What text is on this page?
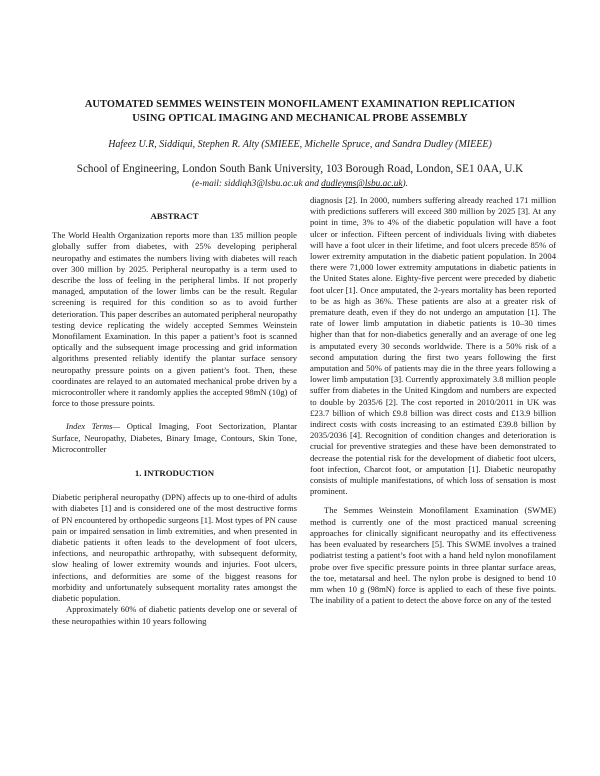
AUTOMATED SEMMES WEINSTEIN MONOFILAMENT EXAMINATION REPLICATION
USING OPTICAL IMAGING AND MECHANICAL PROBE ASSEMBLY
Hafeez U.R, Siddiqui, Stephen R. Alty (SMIEEE, Michelle Spruce, and Sandra Dudley (MIEEE)
School of Engineering, London South Bank University, 103 Borough Road, London, SE1 0AA, U.K
(e-mail: siddiqh3@lsbu.ac.uk and dudleyms@lsbu.ac.uk).

ABSTRACT

The World Health Organization reports more than 135 million people globally suffer from diabetes, with 25% developing peripheral neuropathy and estimates the numbers living with diabetes will reach over 300 million by 2025. Peripheral neuropathy is a term used to describe the loss of feeling in the peripheral limbs. If not properly managed, amputation of the lower limbs can be the result. Regular screening is required for this condition so as to avoid further deterioration. This paper describes an automated peripheral neuropathy testing device replicating the widely accepted Semmes Weinstein Monofilament Examination. In this paper a patient’s foot is scanned optically and the subsequent image processing and grid information algorithms presented reliably identify the plantar surface sensory neuropathy pressure points on a given patient’s foot. Then, these coordinates are relayed to an automated mechanical probe driven by a microcontroller where it randomly applies the accepted 98mN (10g) of force to those pressure points.

Index Terms— Optical Imaging, Foot Sectorization, Plantar Surface, Neuropathy, Diabetes, Binary Image, Contours, Skin Tone, Microcontroller

1. INTRODUCTION

Diabetic peripheral neuropathy (DPN) affects up to one-third of adults with diabetes [1] and is considered one of the most destructive forms of PN encountered by orthopedic surgeons [1]. Most types of PN cause pain or impaired sensation in limb extremities, and when presented in diabetic patients it often leads to the development of foot ulcers, infections, and neuropathic arthropathy, with subsequent deformity, slow healing of lower extremity wounds and injuries. Foot ulcers, infections, and deformities are some of the biggest reasons for morbidity and unfortunately subsequent mortality rates amongst the diabetic population.

Approximately 60% of diabetic patients develop one or several of these neuropathies within 10 years following

diagnosis [2]. In 2000, numbers suffering already reached 171 million with predictions sufferers will exceed 380 million by 2025 [3]. At any point in time, 3% to 4% of the diabetic population will have a foot ulcer or infection. Fifteen percent of individuals living with diabetes will have a foot ulcer in their lifetime, and foot ulcers precede 85% of lower extremity amputation in the diabetic patient population. In 2004 there were 71,000 lower extremity amputations in diabetic patients in the United States alone. Eighty-five percent were preceded by diabetic foot ulcer [1]. Once amputated, the 2-years mortality has been reported to be as high as 36%. These patients are also at a greater risk of premature death, even if they do not undergo an amputation [1]. The rate of lower limb amputation in diabetic patients is 10–30 times higher than that for non-diabetics generally and an average of one leg is amputated every 30 seconds worldwide. There is a 50% risk of a second amputation during the first two years following the first amputation and 50% of patients may die in the three years following a lower limb amputation [3]. Currently approximately 3.8 million people suffer from diabetes in the United Kingdom and numbers are expected to double by 2035/6 [2]. The cost reported in 2010/2011 in UK was £23.7 billion of which £9.8 billion was direct costs and £13.9 billion indirect costs with costs increasing to an estimated £39.8 billion by 2035/2036 [4]. Recognition of condition changes and deterioration is crucial for preventive strategies and these have been demonstrated to decrease the potential risk for the development of diabetic foot ulcers, foot infection, Charcot foot, or amputation [1]. Diabetic neuropathy consists of multiple manifestations, of which loss of sensation is most prominent.

The Semmes Weinstein Monofilament Examination (SWME) method is currently one of the most practiced manual screening approaches for clinically significant neuropathy and its effectiveness has been evaluated by researchers [5]. This SWME involves a trained podiatrist testing a patient’s foot with a hand held nylon monofilament probe over five specific pressure points in three plantar surface areas, the toe, metatarsal and heel. The nylon probe is designed to bend 10 mm when 10 g (98mN) force is applied to each of these five points. The inability of a patient to detect the above force on any of the tested
